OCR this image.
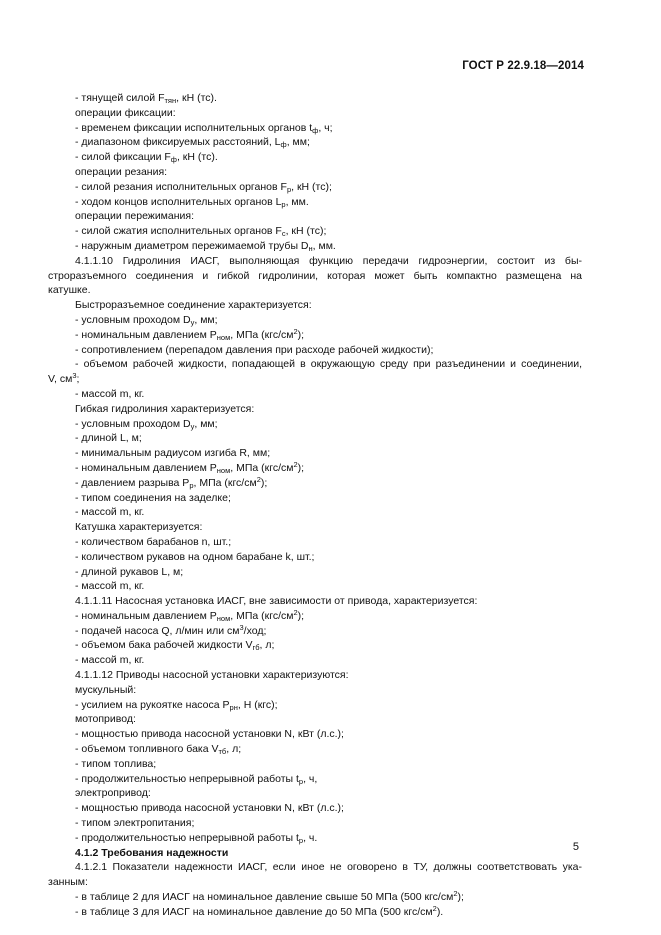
ГОСТ Р 22.9.18—2014
- тянущей силой $F_{тян}$, кН (тс).
операции фиксации:
- временем фиксации исполнительных органов $t_ф$, ч;
- диапазоном фиксируемых расстояний, $L_ф$, мм;
- силой фиксации $F_ф$, кН (тс).
операции резания:
- силой резания исполнительных органов $F_р$, кН (тс);
- ходом концов исполнительных органов $L_р$, мм.
операции пережимания:
- силой сжатия исполнительных органов $F_с$, кН (тс);
- наружным диаметром пережимаемой трубы $D_н$, мм.
4.1.1.10 Гидролиния ИАСГ, выполняющая функцию передачи гидроэнергии, состоит из бы-
строразъемного соединения и гибкой гидролинии, которая может быть компактно размещена на
катушке.
Быстроразъемное соединение характеризуется:
- условным проходом $D_у$, мм;
- номинальным давлением $P_{ном}$, МПа $(кгс/см^2)$;
- сопротивлением (перепадом давления при расходе рабочей жидкости);
- объемом рабочей жидкости, попадающей в окружающую среду при разъединении и соединении,
V, $см^3$;
- массой m, кг.
Гибкая гидролиния характеризуется:
- условным проходом $D_у$, мм;
- длиной L, м;
- минимальным радиусом изгиба R, мм;
- номинальным давлением $P_{ном}$, МПа $(кгс/см^2)$;
- давлением разрыва $P_р$, МПа $(кгс/см^2)$;
- типом соединения на заделке;
- массой m, кг.
Катушка характеризуется:
- количеством барабанов n, шт.;
- количеством рукавов на одном барабане k, шт.;
- длиной рукавов L, м;
- массой m, кг.
4.1.1.11 Насосная установка ИАСГ, вне зависимости от привода, характеризуется:
- номинальным давлением $P_{ном}$, МПа $(кгс/см^2)$;
- подачей насоса Q, л/мин или $см^3$/ход;
- объемом бака рабочей жидкости $V_{гб}$, л;
- массой m, кг.
4.1.1.12 Приводы насосной установки характеризуются:
мускульный:
- усилием на рукоятке насоса $P_{рн}$, Н (кгс);
мотопривод:
- мощностью привода насосной установки N, кВт (л.с.);
- объемом топливного бака $V_{тб}$, л;
- типом топлива;
- продолжительностью непрерывной работы $t_р$, ч,
электропривод:
- мощностью привода насосной установки N, кВт (л.с.);
- типом электропитания;
- продолжительностью непрерывной работы $t_р$, ч.
4.1.2 Требования надежности
4.1.2.1 Показатели надежности ИАСГ, если иное не оговорено в ТУ, должны соответствовать ука-
занным:
- в таблице 2 для ИАСГ на номинальное давление свыше 50 МПа (500 кгс/$см^2$);
- в таблице 3 для ИАСГ на номинальное давление до 50 МПа (500 кгс/$см^2$).
5
